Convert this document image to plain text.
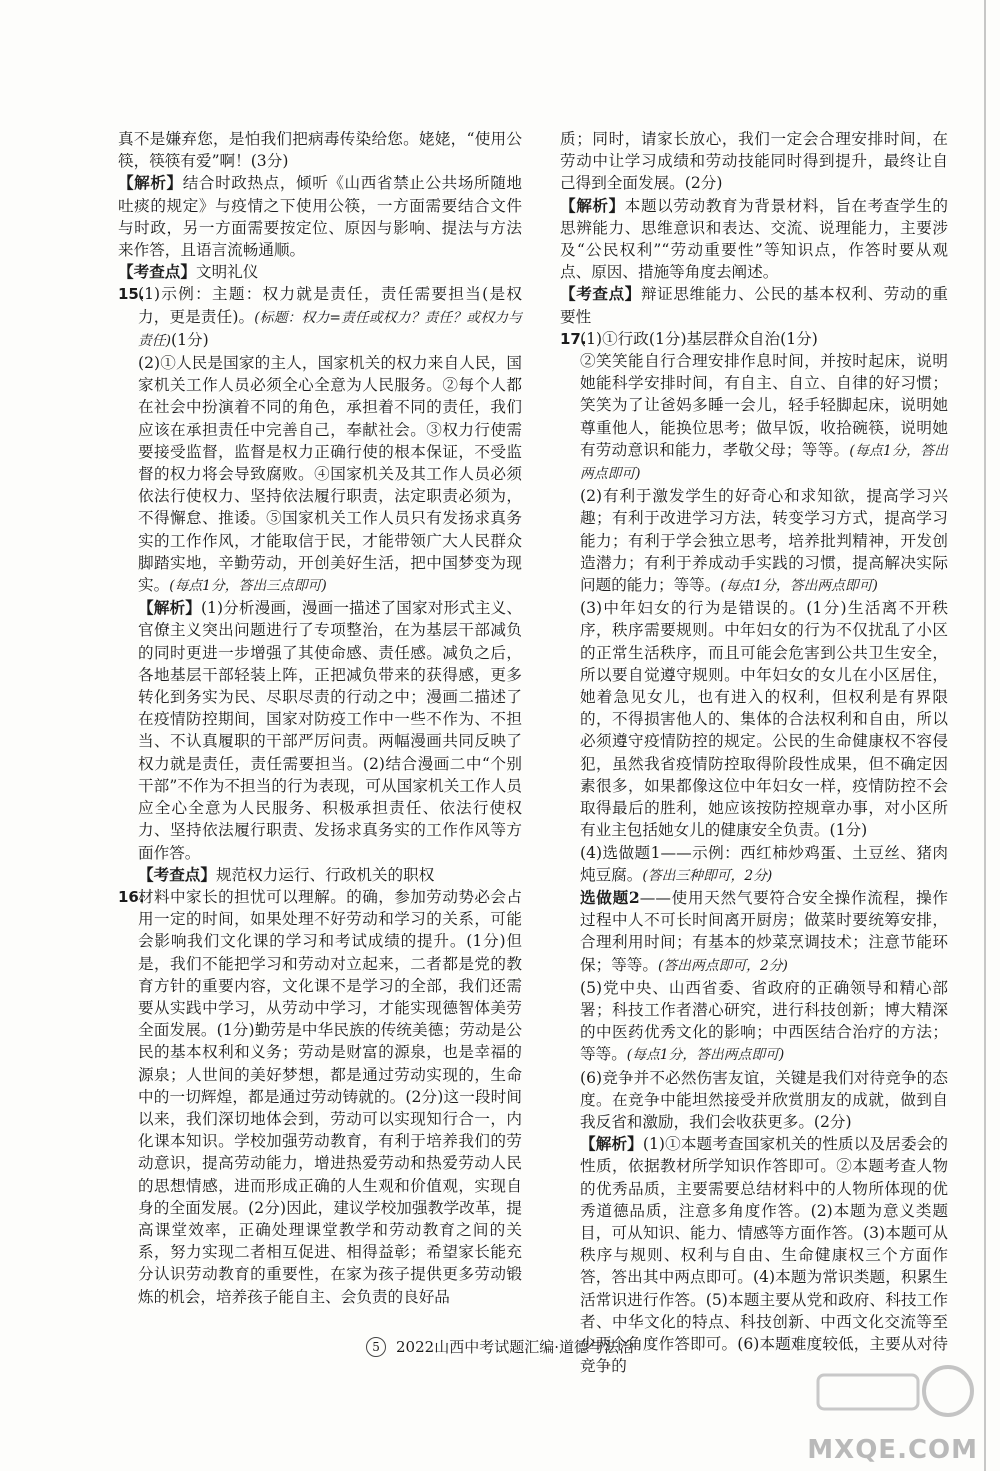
真不是嫌弃您，是怕我们把病毒传染给您。姥姥，“使用公筷，筷筷有爱”啊！(3分)

【解析】结合时政热点，倾听《山西省禁止公共场所随地吐痰的规定》与疫情之下使用公筷，一方面需要结合文件与时政，另一方面需要按定位、原因与影响、提法与方法来作答，且语言流畅通顺。

【考查点】文明礼仪

15.

(1)示例：主题：权力就是责任，责任需要担当(是权力，更是责任)。(标题：权力=责任或权力？责任？或权力与责任)(1分)

(2)①人民是国家的主人，国家机关的权力来自人民，国家机关工作人员必须全心全意为人民服务。②每个人都在社会中扮演着不同的角色，承担着不同的责任，我们应该在承担责任中完善自己，奉献社会。③权力行使需要接受监督，监督是权力正确行使的根本保证，不受监督的权力将会导致腐败。④国家机关及其工作人员必须依法行使权力、坚持依法履行职责，法定职责必须为，不得懈怠、推诿。⑤国家机关工作人员只有发扬求真务实的工作作风，才能取信于民，才能带领广大人民群众脚踏实地，辛勤劳动，开创美好生活，把中国梦变为现实。(每点1分，答出三点即可)

【解析】(1)分析漫画，漫画一描述了国家对形式主义、官僚主义突出问题进行了专项整治，在为基层干部减负的同时更进一步增强了其使命感、责任感。减负之后，各地基层干部轻装上阵，正把减负带来的获得感，更多转化到务实为民、尽职尽责的行动之中；漫画二描述了在疫情防控期间，国家对防疫工作中一些不作为、不担当、不认真履职的干部严厉问责。两幅漫画共同反映了权力就是责任，责任需要担当。(2)结合漫画二中“个别干部”不作为不担当的行为表现，可从国家机关工作人员应全心全意为人民服务、积极承担责任、依法行使权力、坚持依法履行职责、发扬求真务实的工作作风等方面作答。

【考查点】规范权力运行、行政机关的职权

16.

材料中家长的担忧可以理解。的确，参加劳动势必会占用一定的时间，如果处理不好劳动和学习的关系，可能会影响我们文化课的学习和考试成绩的提升。(1分)但是，我们不能把学习和劳动对立起来，二者都是党的教育方针的重要内容，文化课不是学习的全部，我们还需要从实践中学习，从劳动中学习，才能实现德智体美劳全面发展。(1分)勤劳是中华民族的传统美德；劳动是公民的基本权利和义务；劳动是财富的源泉，也是幸福的源泉；人世间的美好梦想，都是通过劳动实现的，生命中的一切辉煌，都是通过劳动铸就的。(2分)这一段时间以来，我们深切地体会到，劳动可以实现知行合一，内化课本知识。学校加强劳动教育，有利于培养我们的劳动意识，提高劳动能力，增进热爱劳动和热爱劳动人民的思想情感，进而形成正确的人生观和价值观，实现自身的全面发展。(2分)因此，建议学校加强教学改革，提高课堂效率，正确处理课堂教学和劳动教育之间的关系，努力实现二者相互促进、相得益彰；希望家长能充分认识劳动教育的重要性，在家为孩子提供更多劳动锻炼的机会，培养孩子能自主、会负责的良好品

质；同时，请家长放心，我们一定会合理安排时间，在劳动中让学习成绩和劳动技能同时得到提升，最终让自己得到全面发展。(2分)

【解析】本题以劳动教育为背景材料，旨在考查学生的思辨能力、思维意识和表达、交流、说理能力，主要涉及“公民权利”“劳动重要性”等知识点，作答时要从观点、原因、措施等角度去阐述。

【考查点】辩证思维能力、公民的基本权利、劳动的重要性

17.

(1)①行政(1分)基层群众自治(1分)

②笑笑能自行合理安排作息时间，并按时起床，说明她能科学安排时间，有自主、自立、自律的好习惯；笑笑为了让爸妈多睡一会儿，轻手轻脚起床，说明她尊重他人，能换位思考；做早饭，收拾碗筷，说明她有劳动意识和能力，孝敬父母；等等。(每点1分，答出两点即可)

(2)有利于激发学生的好奇心和求知欲，提高学习兴趣；有利于改进学习方法，转变学习方式，提高学习能力；有利于学会独立思考，培养批判精神，开发创造潜力；有利于养成动手实践的习惯，提高解决实际问题的能力；等等。(每点1分，答出两点即可)

(3)中年妇女的行为是错误的。(1分)生活离不开秩序，秩序需要规则。中年妇女的行为不仅扰乱了小区的正常生活秩序，而且可能会危害到公共卫生安全，所以要自觉遵守规则。中年妇女的女儿在小区居住，她着急见女儿，也有进入的权利，但权利是有界限的，不得损害他人的、集体的合法权利和自由，所以必须遵守疫情防控的规定。公民的生命健康权不容侵犯，虽然我省疫情防控取得阶段性成果，但不确定因素很多，如果都像这位中年妇女一样，疫情防控不会取得最后的胜利，她应该按防控规章办事，对小区所有业主包括她女儿的健康安全负责。(1分)

(4)选做题1——示例：西红柿炒鸡蛋、土豆丝、猪肉炖豆腐。(答出三种即可，2分)

选做题2——使用天然气要符合安全操作流程，操作过程中人不可长时间离开厨房；做菜时要统筹安排，合理利用时间；有基本的炒菜烹调技术；注意节能环保；等等。(答出两点即可，2分)

(5)党中央、山西省委、省政府的正确领导和精心部署；科技工作者潜心研究，进行科技创新；博大精深的中医药优秀文化的影响；中西医结合治疗的方法；等等。(每点1分，答出两点即可)

(6)竞争并不必然伤害友谊，关键是我们对待竞争的态度。在竞争中能坦然接受并欣赏朋友的成就，做到自我反省和激励，我们会收获更多。(2分)

【解析】(1)①本题考查国家机关的性质以及居委会的性质，依据教材所学知识作答即可。②本题考查人物的优秀品质，主要需要总结材料中的人物所体现的优秀道德品质，注意多角度作答。(2)本题为意义类题目，可从知识、能力、情感等方面作答。(3)本题可从秩序与规则、权利与自由、生命健康权三个方面作答，答出其中两点即可。(4)本题为常识类题，积累生活常识进行作答。(5)本题主要从党和政府、科技工作者、中华文化的特点、科技创新、中西文化交流等至少两个角度作答即可。(6)本题难度较低，主要从对待竞争的

5 2022山西中考试题汇编·道德与法治
MXQE.COM
